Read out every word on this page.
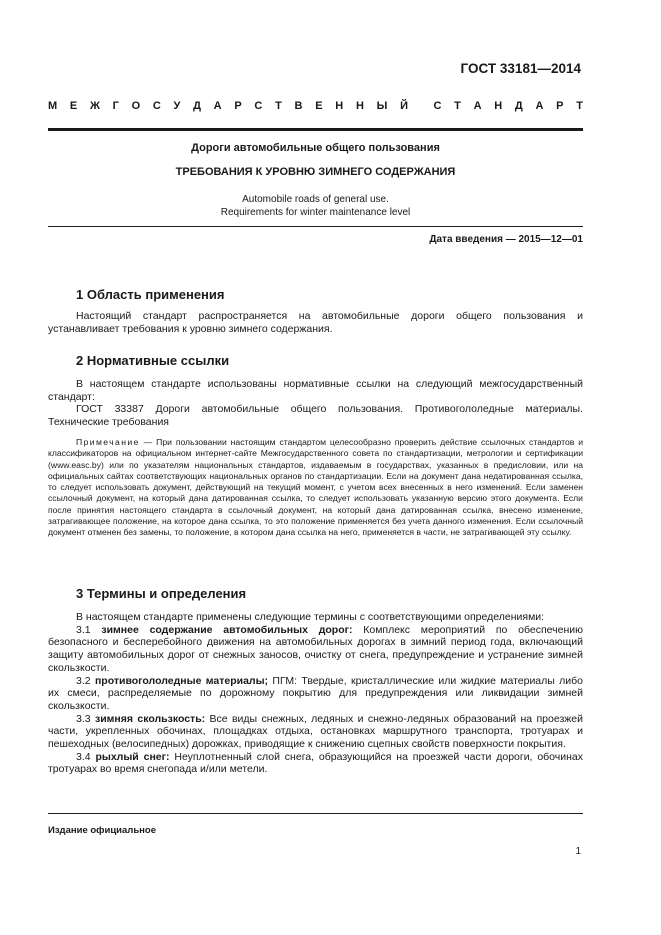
ГОСТ 33181—2014
М Е Ж Г О С У Д А Р С Т В Е Н Н Ы Й С Т А Н Д А Р Т
Дороги автомобильные общего пользования
ТРЕБОВАНИЯ К УРОВНЮ ЗИМНЕГО СОДЕРЖАНИЯ
Automobile roads of general use.
Requirements for winter maintenance level
Дата введения — 2015—12—01
1 Область применения

Настоящий стандарт распространяется на автомобильные дороги общего пользования и устанавливает требования к уровню зимнего содержания.

2 Нормативные ссылки

В настоящем стандарте использованы нормативные ссылки на следующий межгосударственный стандарт:

ГОСТ 33387 Дороги автомобильные общего пользования. Противогололедные материалы. Технические требования

Примечание — При пользовании настоящим стандартом целесообразно проверить действие ссылочных стандартов и классификаторов на официальном интернет-сайте Межгосударственного совета по стандартизации, метрологии и сертификации (www.easc.by) или по указателям национальных стандартов, издаваемым в государствах, указанных в предисловии, или на официальных сайтах соответствующих национальных органов по стандартизации. Если на документ дана недатированная ссылка, то следует использовать документ, действующий на текущий момент, с учетом всех внесенных в него изменений. Если заменен ссылочный документ, на который дана датированная ссылка, то следует использовать указанную версию этого документа. Если после принятия настоящего стандарта в ссылочный документ, на который дана датированная ссылка, внесено изменение, затрагивающее положение, на которое дана ссылка, то это положение применяется без учета данного изменения. Если ссылочный документ отменен без замены, то положение, в котором дана ссылка на него, применяется в части, не затрагивающей эту ссылку.

3 Термины и определения

В настоящем стандарте применены следующие термины с соответствующими определениями:

3.1 зимнее содержание автомобильных дорог: Комплекс мероприятий по обеспечению безопасного и бесперебойного движения на автомобильных дорогах в зимний период года, включающий защиту автомобильных дорог от снежных заносов, очистку от снега, предупреждение и устранение зимней скользкости.

3.2 противогололедные материалы; ПГМ: Твердые, кристаллические или жидкие материалы либо их смеси, распределяемые по дорожному покрытию для предупреждения или ликвидации зимней скользкости.

3.3 зимняя скользкость: Все виды снежных, ледяных и снежно-ледяных образований на проезжей части, укрепленных обочинах, площадках отдыха, остановках маршрутного транспорта, тротуарах и пешеходных (велосипедных) дорожках, приводящие к снижению сцепных свойств поверхности покрытия.

3.4 рыхлый снег: Неуплотненный слой снега, образующийся на проезжей части дороги, обочинах тротуарах во время снегопада и/или метели.

Издание официальное
1
